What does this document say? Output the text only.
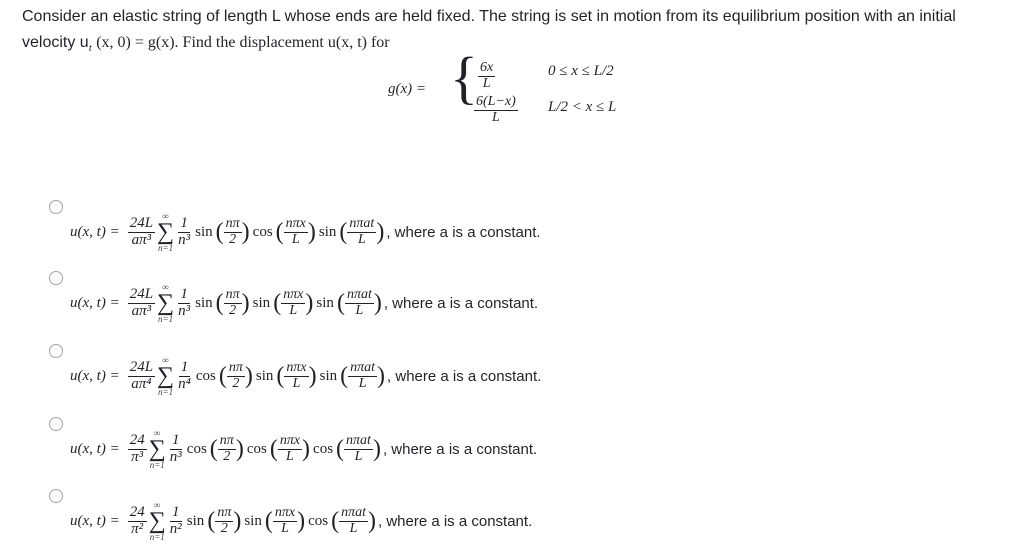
Consider an elastic string of length L whose ends are held fixed. The string is set in motion from its equilibrium position with an initial velocity $u_t$ (x, 0) = g(x). Find the displacement u(x, t) for
g(x) = { $\frac{6x}{L}$	0 ≤ x ≤ L/2
$\frac{6(L-x)}{L} L/2 < x \le L$
u(x, $t) = \frac{24L}{\text{aπ³}}$ ∞
∑
$n=1 \frac{1}{\text{n³}}$ sin ( $\frac{n\pi}{2}$ ) cos ( $\frac{\text{nπx}}{L}$ ) sin ( $\frac{\text{nπat}}{L}$ ) , where a is a constant.
u(x, $t) = \frac{24L}{\text{aπ³}}$ ∞
∑
$n=1 \frac{1}{\text{n³}}$ sin ( $\frac{n\pi}{2}$ ) sin ( $\frac{\text{nπx}}{L}$ ) sin ( $\frac{\text{nπat}}{L}$ ) , where a is a constant.
u(x, $t) = \frac{24L}{\text{aπ⁴}}$ ∞
∑
$n=1 \frac{1}{\text{n⁴}}$ cos ( $\frac{n\pi}{2}$ ) sin ( $\frac{\text{nπx}}{L}$ ) sin ( $\frac{\text{nπat}}{L}$ ) , where a is a constant.
u(x, $t) = \frac{24}{\text{π³}}$ ∞
∑
$n=1 \frac{1}{\text{n³}}$ cos ( $\frac{n\pi}{2}$ ) cos ( $\frac{\text{nπx}}{L}$ ) cos ( $\frac{\text{nπat}}{L}$ ) , where a is a constant.
u(x, $t) = \frac{24}{\text{π²}}$ ∞
∑
$n=1 \frac{1}{\text{n²}}$ sin ( $\frac{n\pi}{2}$ ) sin ( $\frac{\text{nπx}}{L}$ ) cos ( $\frac{\text{nπat}}{L}$ ) , where a is a constant.
